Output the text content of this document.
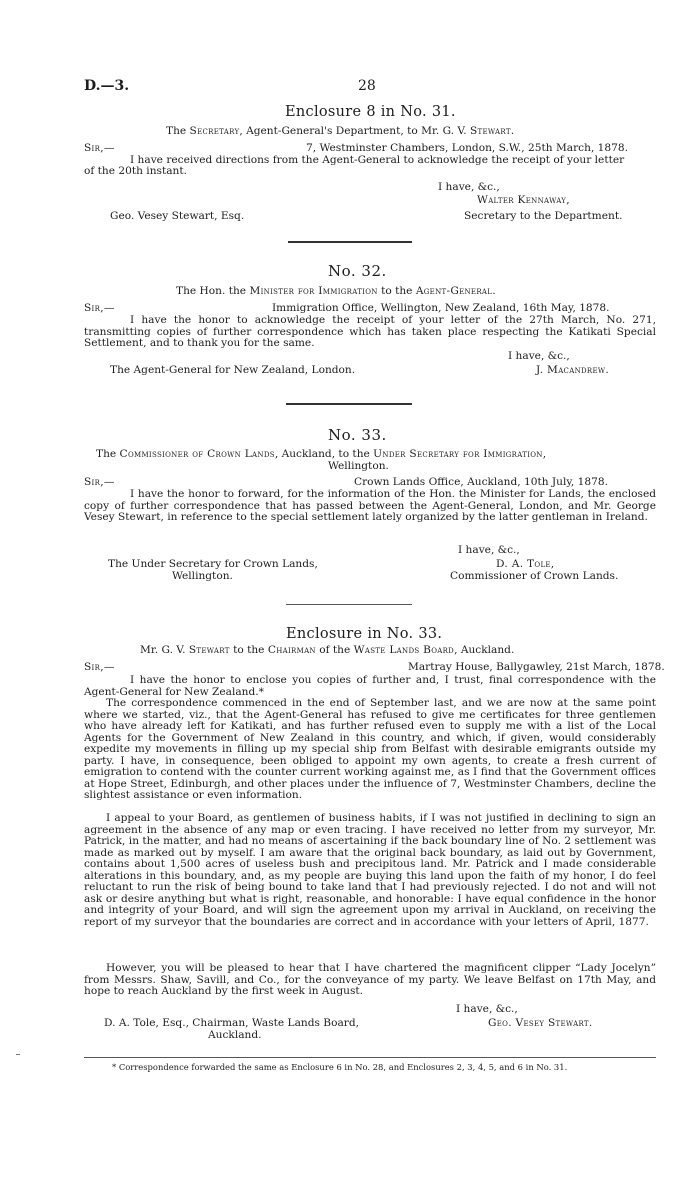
D.—3.	28
Enclosure 8 in No. 31.
The Secretary, Agent-General's Department, to Mr. G. V. Stewart.
Sir,—	7, Westminster Chambers, London, S.W., 25th March, 1878.
I have received directions from the Agent-General to acknowledge the receipt of your letter
of the 20th instant.
I have, &c.,
Walter Kennaway,
Geo. Vesey Stewart, Esq.	Secretary to the Department.
No. 32.
The Hon. the Minister for Immigration to the Agent-General.
Sir,—	Immigration Office, Wellington, New Zealand, 16th May, 1878.

I have the honor to acknowledge the receipt of your letter of the 27th March, No. 271, transmitting copies of further correspondence which has taken place respecting the Katikati Special Settlement, and to thank you for the same.

I have, &c.,
The Agent-General for New Zealand, London.	J. Macandrew.
No. 33.
The Commissioner of Crown Lands, Auckland, to the Under Secretary for Immigration,
Wellington.
Sir,—	Crown Lands Office, Auckland, 10th July, 1878.

I have the honor to forward, for the information of the Hon. the Minister for Lands, the enclosed copy of further correspondence that has passed between the Agent-General, London, and Mr. George Vesey Stewart, in reference to the special settlement lately organized by the latter gentleman in Ireland.

I have, &c.,
The Under Secretary for Crown Lands,	D. A. Tole,
Wellington.	Commissioner of Crown Lands.
Enclosure in No. 33.
Mr. G. V. Stewart to the Chairman of the Waste Lands Board, Auckland.
Sir,—	Martray House, Ballygawley, 21st March, 1878.

I have the honor to enclose you copies of further and, I trust, final correspondence with the Agent-General for New Zealand.*

The correspondence commenced in the end of September last, and we are now at the same point where we started, viz., that the Agent-General has refused to give me certificates for three gentlemen who have already left for Katikati, and has further refused even to supply me with a list of the Local Agents for the Government of New Zealand in this country, and which, if given, would considerably expedite my movements in filling up my special ship from Belfast with desirable emigrants outside my party. I have, in consequence, been obliged to appoint my own agents, to create a fresh current of emigration to contend with the counter current working against me, as I find that the Government offices at Hope Street, Edinburgh, and other places under the influence of 7, Westminster Chambers, decline the slightest assistance or even information.

I appeal to your Board, as gentlemen of business habits, if I was not justified in declining to sign an agreement in the absence of any map or even tracing. I have received no letter from my surveyor, Mr. Patrick, in the matter, and had no means of ascertaining if the back boundary line of No. 2 settlement was made as marked out by myself. I am aware that the original back boundary, as laid out by Government, contains about 1,500 acres of useless bush and precipitous land. Mr. Patrick and I made considerable alterations in this boundary, and, as my people are buying this land upon the faith of my honor, I do feel reluctant to run the risk of being bound to take land that I had previously rejected. I do not and will not ask or desire anything but what is right, reasonable, and honorable: I have equal confidence in the honor and integrity of your Board, and will sign the agreement upon my arrival in Auckland, on receiving the report of my surveyor that the boundaries are correct and in accordance with your letters of April, 1877.

However, you will be pleased to hear that I have chartered the magnificent clipper “Lady Jocelyn” from Messrs. Shaw, Savill, and Co., for the conveyance of my party. We leave Belfast on 17th May, and hope to reach Auckland by the first week in August.

I have, &c.,
D. A. Tole, Esq., Chairman, Waste Lands Board,	Geo. Vesey Stewart.
Auckland.
* Correspondence forwarded the same as Enclosure 6 in No. 28, and Enclosures 2, 3, 4, 5, and 6 in No. 31.
